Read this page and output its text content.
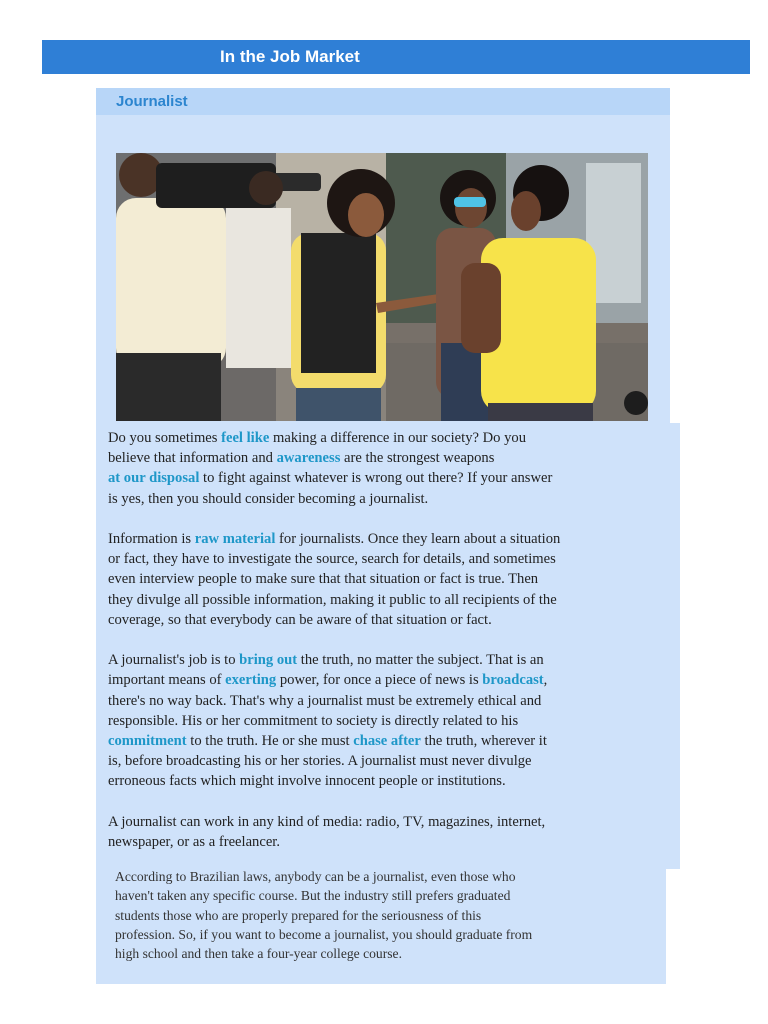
In the Job Market
Journalist

Do you sometimes feel like making a difference in our society? Do you
believe that information and awareness are the strongest weapons
at our disposal to fight against whatever is wrong out there? If your answer
is yes, then you should consider becoming a journalist.

Information is raw material for journalists. Once they learn about a situation
or fact, they have to investigate the source, search for details, and sometimes
even interview people to make sure that that situation or fact is true. Then
they divulge all possible information, making it public to all recipients of the
coverage, so that everybody can be aware of that situation or fact.

A journalist's job is to bring out the truth, no matter the subject. That is an
important means of exerting power, for once a piece of news is broadcast,
there's no way back. That's why a journalist must be extremely ethical and
responsible. His or her commitment to society is directly related to his
commitment to the truth. He or she must chase after the truth, wherever it
is, before broadcasting his or her stories. A journalist must never divulge
erroneous facts which might involve innocent people or institutions.

A journalist can work in any kind of media: radio, TV, magazines, internet,
newspaper, or as a freelancer.

According to Brazilian laws, anybody can be a journalist, even those who
haven't taken any specific course. But the industry still prefers graduated
students those who are properly prepared for the seriousness of this
profession. So, if you want to become a journalist, you should graduate from
high school and then take a four-year college course.
